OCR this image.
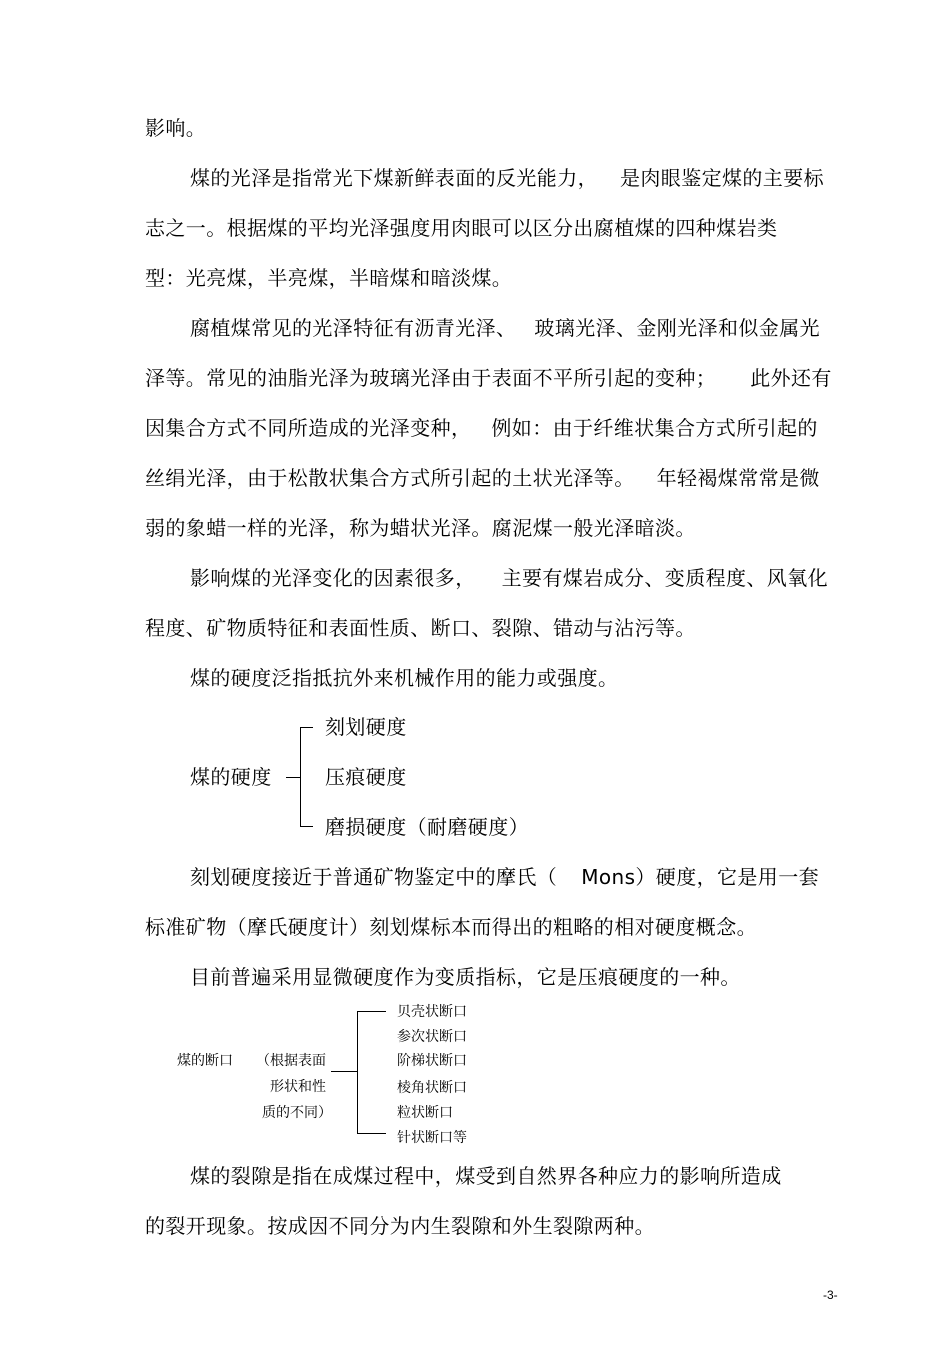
影响。
煤的光泽是指常光下煤新鲜表面的反光能力， 是肉眼鉴定煤的主要标
志之一。根据煤的平均光泽强度用肉眼可以区分出腐植煤的四种煤岩类
型：光亮煤，半亮煤，半暗煤和暗淡煤。
腐植煤常见的光泽特征有沥青光泽、 玻璃光泽、金刚光泽和似金属光
泽等。常见的油脂光泽为玻璃光泽由于表面不平所引起的变种； 此外还有
因集合方式不同所造成的光泽变种， 例如：由于纤维状集合方式所引起的
丝绢光泽，由于松散状集合方式所引起的土状光泽等。 年轻褐煤常常是微
弱的象蜡一样的光泽，称为蜡状光泽。腐泥煤一般光泽暗淡。
影响煤的光泽变化的因素很多， 主要有煤岩成分、变质程度、风氧化
程度、矿物质特征和表面性质、断口、裂隙、错动与沾污等。
煤的硬度泛指抵抗外来机械作用的能力或强度。
煤的硬度
刻划硬度
压痕硬度
磨损硬度（耐磨硬度）
刻划硬度接近于普通矿物鉴定中的摩氏（ Mons）硬度，它是用一套
标准矿物（摩氏硬度计）刻划煤标本而得出的粗略的相对硬度概念。
目前普遍采用显微硬度作为变质指标，它是压痕硬度的一种。
煤的断口 （根据表面
形状和性
质的不同）
贝壳状断口
参次状断口
阶梯状断口
棱角状断口
粒状断口
针状断口等
煤的裂隙是指在成煤过程中，煤受到自然界各种应力的影响所造成
的裂开现象。按成因不同分为内生裂隙和外生裂隙两种。
-3-
